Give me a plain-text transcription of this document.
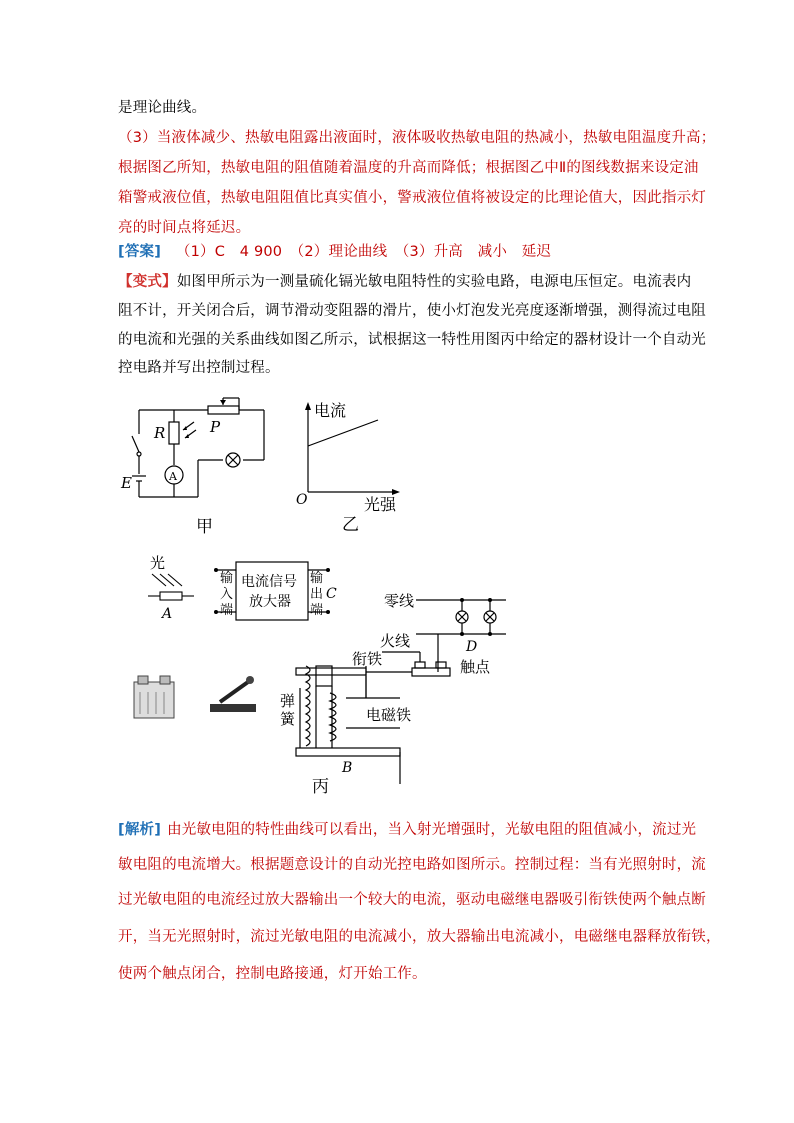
是理论曲线。
（3）当液体减少、热敏电阻露出液面时，液体吸收热敏电阻的热减小，热敏电阻温度升高；
根据图乙所知，热敏电阻的阻值随着温度的升高而降低；根据图乙中Ⅱ的图线数据来设定油
箱警戒液位值，热敏电阻阻值比真实值小，警戒液位值将被设定的比理论值大，因此指示灯
亮的时间点将延迟。
[答案] （1）C　4 900　（2）理论曲线　（3）升高　减小　延迟
【变式】如图甲所示为一测量硫化镉光敏电阻特性的实验电路，电源电压恒定。电流表内
阻不计，开关闭合后，调节滑动变阻器的滑片，使小灯泡发光亮度逐渐增强，测得流过电阻
的电流和光强的关系曲线如图乙所示，试根据这一特性用图丙中给定的器材设计一个自动光
控电路并写出控制过程。
R	P
E	A
甲
电流
光强
O
乙
光
A
输
入
端
电流信号
放大器
输
出
端
C	零线
D
火线
触点
衔铁
电磁铁
弹
簧
B
丙
[解析] 由光敏电阻的特性曲线可以看出，当入射光增强时，光敏电阻的阻值减小，流过光
敏电阻的电流增大。根据题意设计的自动光控电路如图所示。控制过程：当有光照射时，流
过光敏电阻的电流经过放大器输出一个较大的电流，驱动电磁继电器吸引衔铁使两个触点断
开，当无光照射时，流过光敏电阻的电流减小，放大器输出电流减小，电磁继电器释放衔铁，
使两个触点闭合，控制电路接通，灯开始工作。
